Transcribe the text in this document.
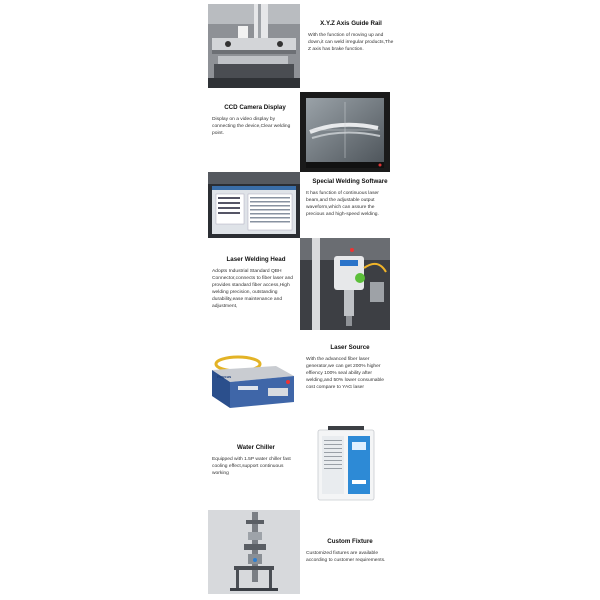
X.Y.Z Axis Guide Rail

With the function of moving up and down,it can weld irregular products,The Z axis has brake function.

CCD Camera Display

Display on a video display by connecting the device,Clear welding point.

Special Welding Software

It has function of continuous laser beam,and the adjustable output waveform,which can assure the precious and high-speed welding.

Laser Welding Head

Adopts Industrial Standard QBH Connector,connects to fiber laser and provides standard fiber access,High welding precision, outstanding durability,ease maintenance and adjustment,

Raycus

Laser Source

With the advanced fiber laser generator,we can get 200% higher effiency 100% seal ability after welding,and 50% lower consumable cost compare to YAG laser

Water Chiller

Equipped with 1.5P water chiller fast cooling effect,support continuous working

Custom Fixture

Customized fixtures are available according to customer requirements.
